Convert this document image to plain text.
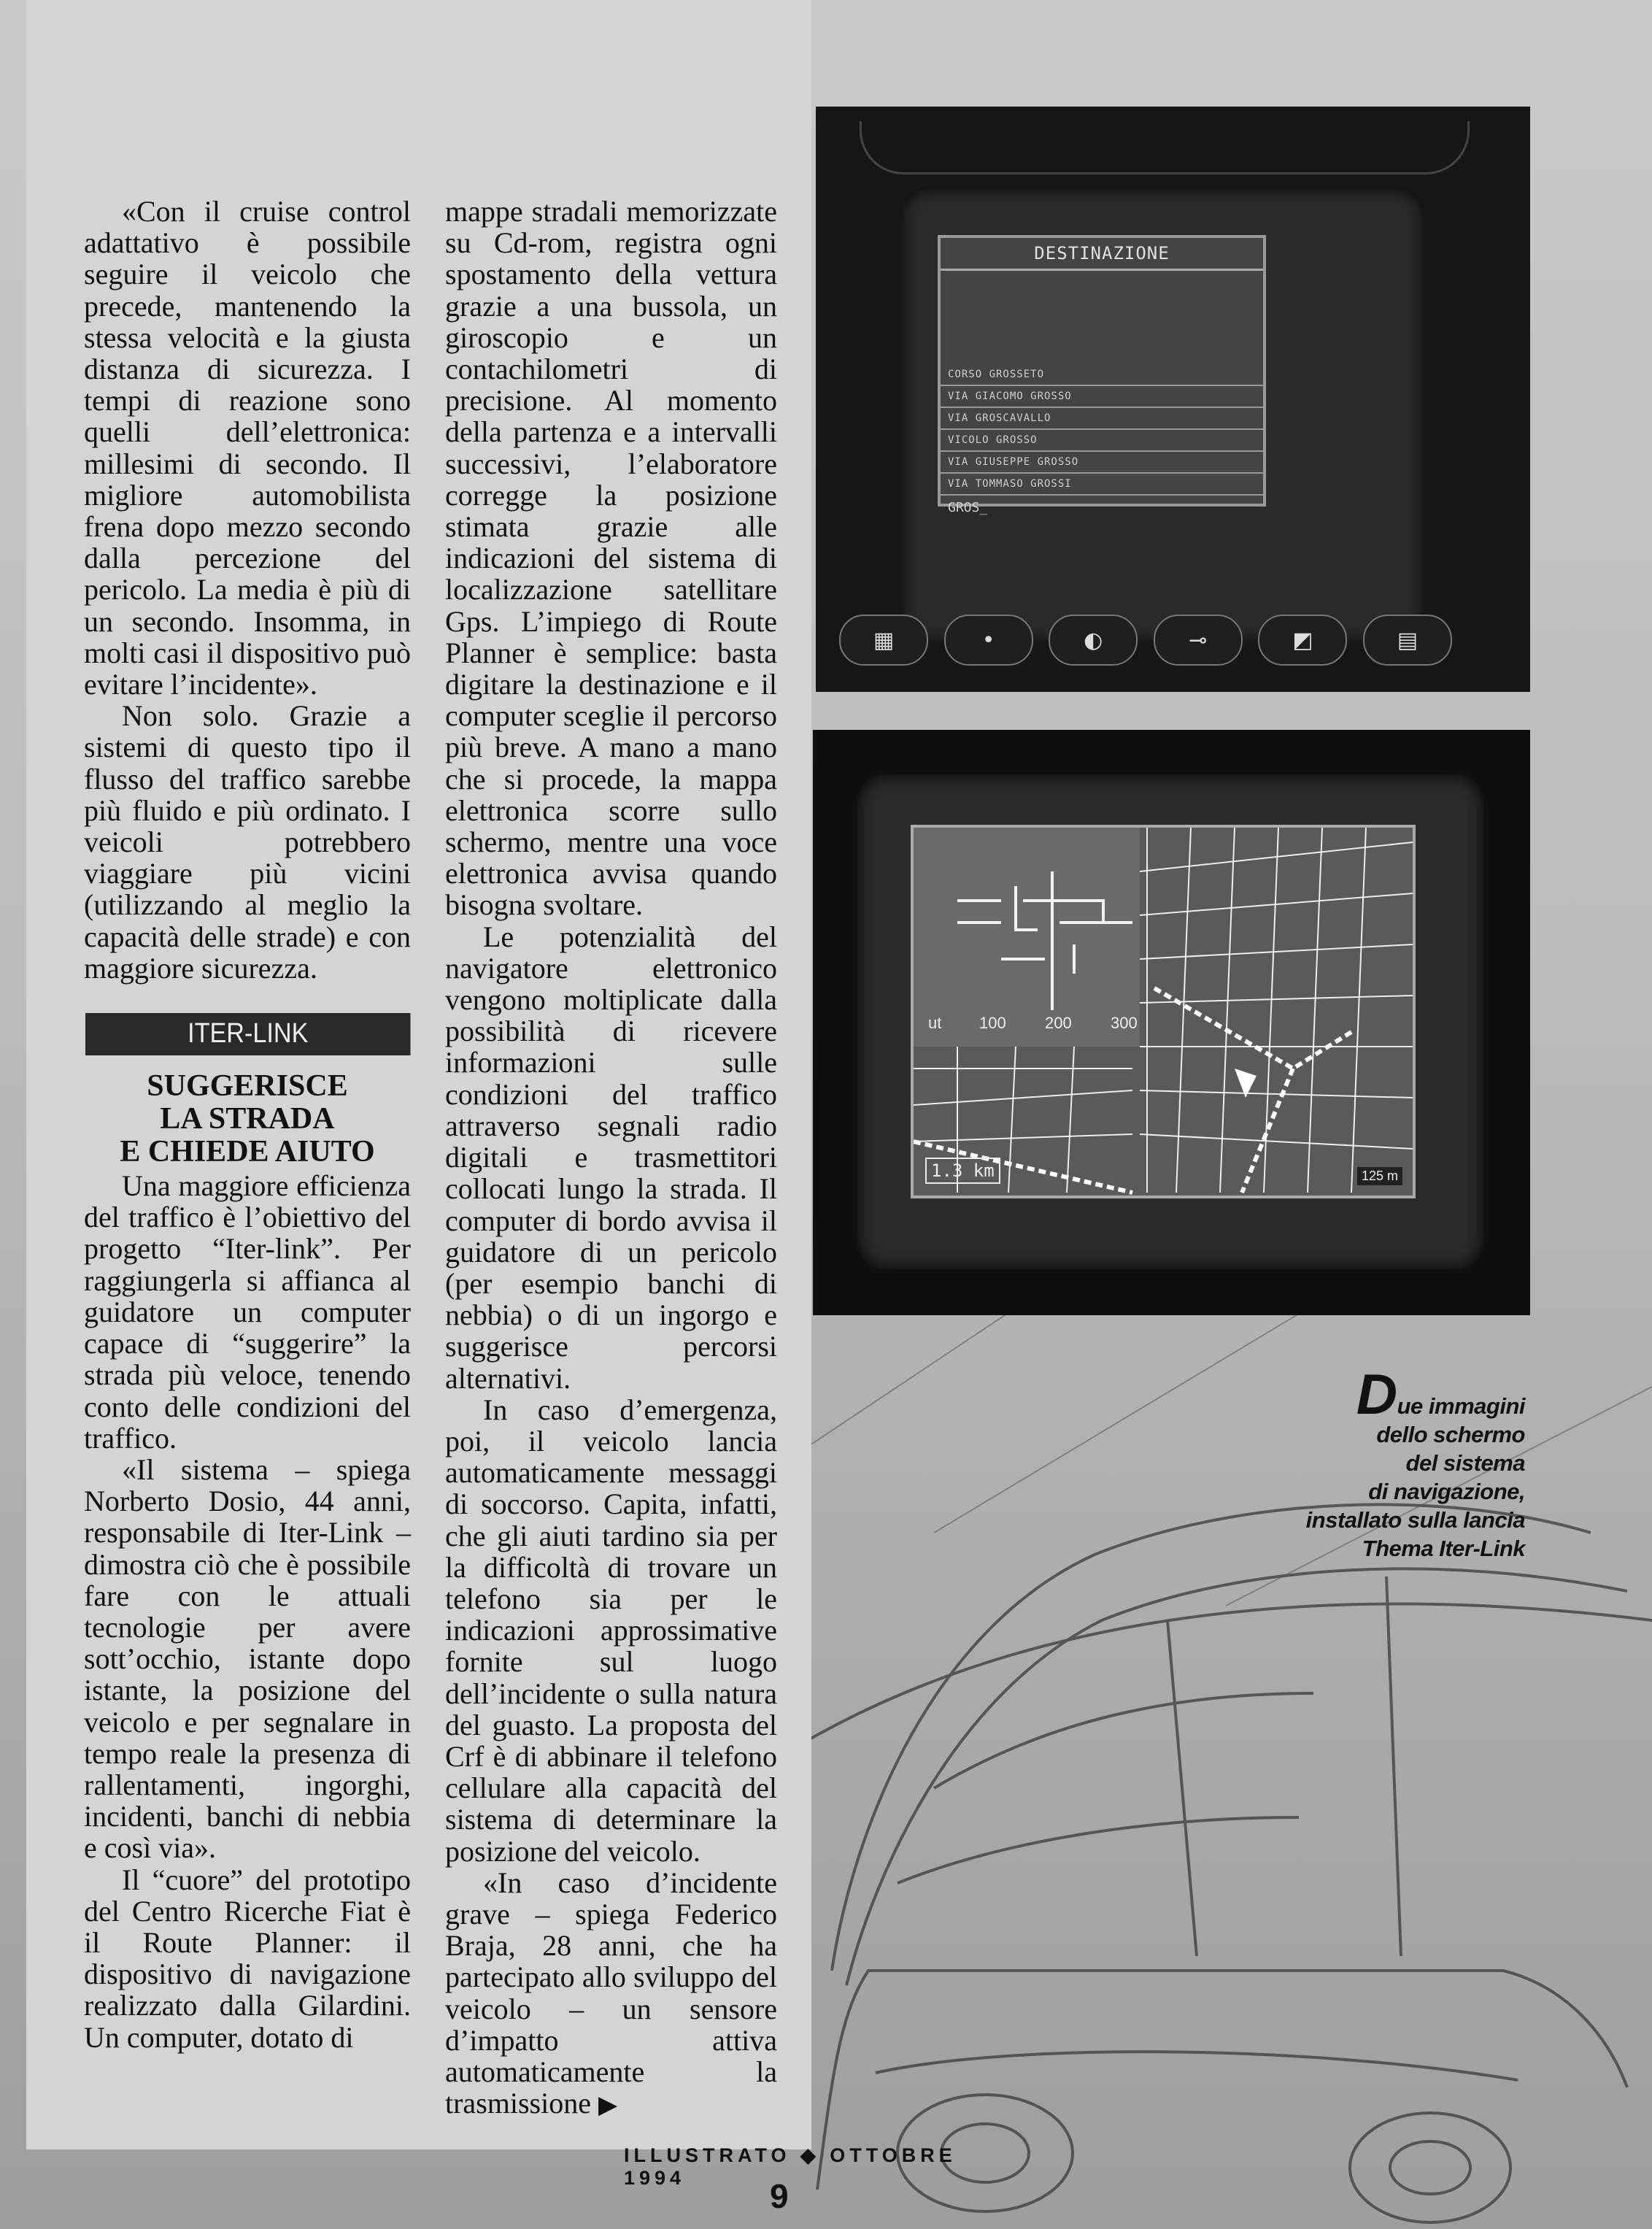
«Con il cruise control adattativo è possibile seguire il veicolo che precede, mantenendo la stessa velocità e la giusta distanza di sicurezza. I tempi di reazione sono quelli dell’elettronica: millesimi di secondo. Il migliore automobilista frena dopo mezzo secondo dalla percezione del pericolo. La media è più di un secondo. Insomma, in molti casi il dispositivo può evitare l’incidente».

Non solo. Grazie a sistemi di questo tipo il flusso del traffico sarebbe più fluido e più ordinato. I veicoli potrebbero viaggiare più vicini (utilizzando al meglio la capacità delle strade) e con maggiore sicurezza.

ITER-LINK
SUGGERISCE
LA STRADA
E CHIEDE AIUTO

Una maggiore efficienza del traffico è l’obiettivo del progetto “Iter-link”. Per raggiungerla si affianca al guidatore un computer capace di “suggerire” la strada più veloce, tenendo conto delle condizioni del traffico.

«Il sistema – spiega Norberto Dosio, 44 anni, responsabile di Iter-Link – dimostra ciò che è possibile fare con le attuali tecnologie per avere sott’occhio, istante dopo istante, la posizione del veicolo e per segnalare in tempo reale la presenza di rallentamenti, ingorghi, incidenti, banchi di nebbia e così via».

Il “cuore” del prototipo del Centro Ricerche Fiat è il Route Planner: il dispositivo di navigazione realizzato dalla Gilardini. Un computer, dotato di

mappe stradali memorizzate su Cd-rom, registra ogni spostamento della vettura grazie a una bussola, un giroscopio e un contachilometri di precisione. Al momento della partenza e a intervalli successivi, l’elaboratore corregge la posizione stimata grazie alle indicazioni del sistema di localizzazione satellitare Gps. L’impiego di Route Planner è semplice: basta digitare la destinazione e il computer sceglie il percorso più breve. A mano a mano che si procede, la mappa elettronica scorre sullo schermo, mentre una voce elettronica avvisa quando bisogna svoltare.

Le potenzialità del navigatore elettronico vengono moltiplicate dalla possibilità di ricevere informazioni sulle condizioni del traffico attraverso segnali radio digitali e trasmettitori collocati lungo la strada. Il computer di bordo avvisa il guidatore di un pericolo (per esempio banchi di nebbia) o di un ingorgo e suggerisce percorsi alternativi.

In caso d’emergenza, poi, il veicolo lancia automaticamente messaggi di soccorso. Capita, infatti, che gli aiuti tardino sia per la difficoltà di trovare un telefono sia per le indicazioni approssimative fornite sul luogo dell’incidente o sulla natura del guasto. La proposta del Crf è di abbinare il telefono cellulare alla capacità del sistema di determinare la posizione del veicolo.

«In caso d’incidente grave – spiega Federico Braja, 28 anni, che ha partecipato allo sviluppo del veicolo – un sensore d’impatto attiva automaticamente la trasmissione ▶

DESTINAZIONE
CORSO GROSSETO
VIA GIACOMO GROSSO
VIA GROSCAVALLO
VICOLO GROSSO
VIA GIUSEPPE GROSSO
VIA TOMMASO GROSSI
GROS_
▦	•	◐	⊸	◩	▤
ut 100 200 300
1.3 km	125 m
Due immagini
dello schermo
del sistema
di navigazione,
installato sulla lancia
Thema Iter-Link
ILLUSTRATO ◆ OTTOBRE 1994	9
